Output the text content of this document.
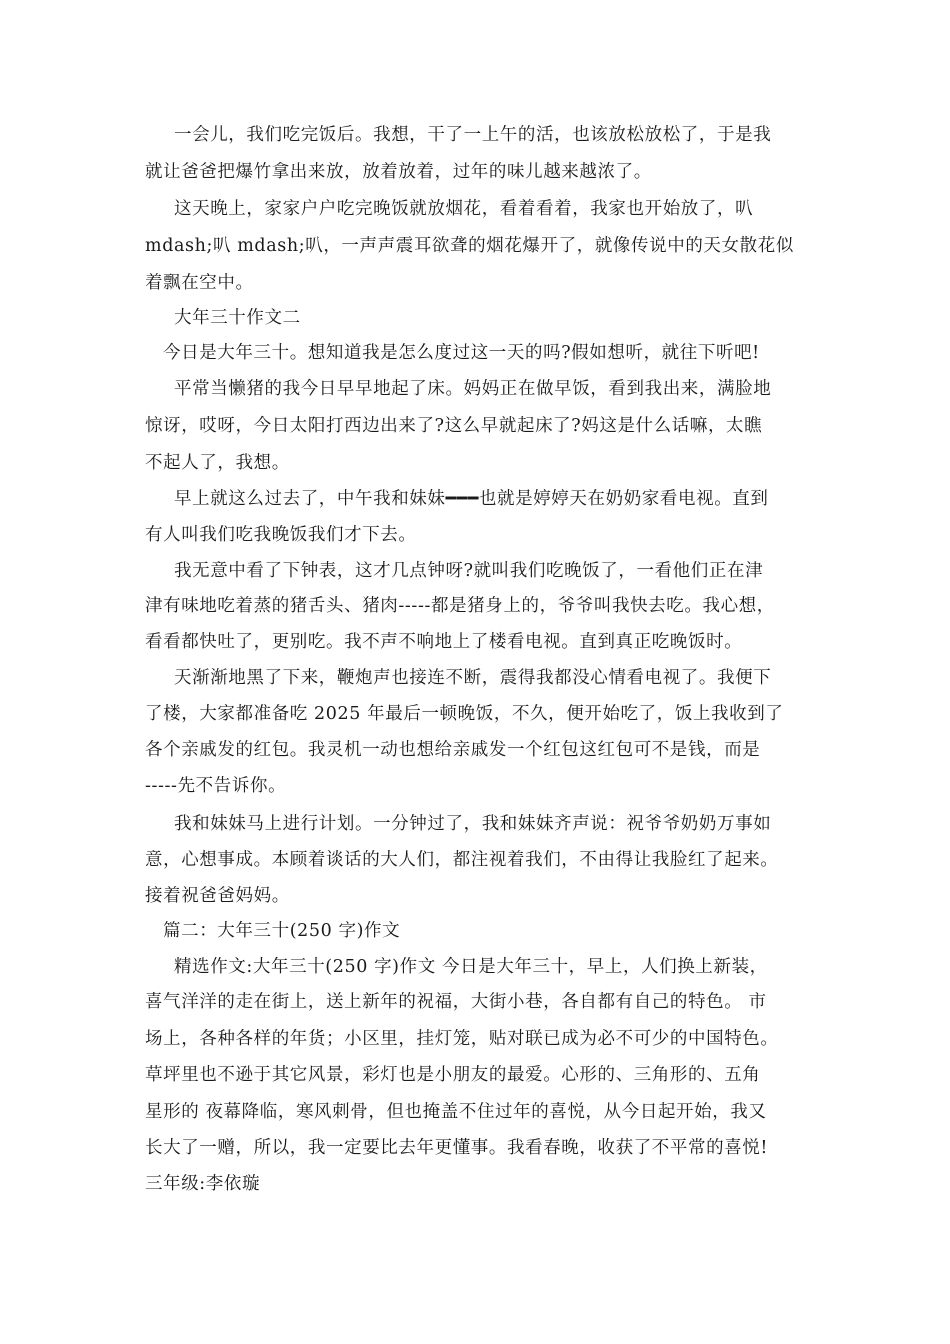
一会儿，我们吃完饭后。我想，干了一上午的活，也该放松放松了，于是我
就让爸爸把爆竹拿出来放，放着放着，过年的味儿越来越浓了。
这天晚上，家家户户吃完晚饭就放烟花，看着看着，我家也开始放了，叭
mdash;叭 mdash;叭，一声声震耳欲聋的烟花爆开了，就像传说中的天女散花似
着飘在空中。
大年三十作文二
今日是大年三十。想知道我是怎么度过这一天的吗?假如想听，就往下听吧!
平常当懒猪的我今日早早地起了床。妈妈正在做早饭，看到我出来，满脸地
惊讶，哎呀，今日太阳打西边出来了?这么早就起床了?妈这是什么话嘛，太瞧
不起人了，我想。
早上就这么过去了，中午我和妹妹━━━也就是婷婷天在奶奶家看电视。直到
有人叫我们吃我晚饭我们才下去。
我无意中看了下钟表，这才几点钟呀?就叫我们吃晚饭了，一看他们正在津
津有味地吃着蒸的猪舌头、猪肉-----都是猪身上的，爷爷叫我快去吃。我心想，
看看都快吐了，更别吃。我不声不响地上了楼看电视。直到真正吃晚饭时。
天渐渐地黑了下来，鞭炮声也接连不断，震得我都没心情看电视了。我便下
了楼，大家都准备吃 2025 年最后一顿晚饭，不久，便开始吃了，饭上我收到了
各个亲戚发的红包。我灵机一动也想给亲戚发一个红包这红包可不是钱，而是
-----先不告诉你。
我和妹妹马上进行计划。一分钟过了，我和妹妹齐声说：祝爷爷奶奶万事如
意，心想事成。本顾着谈话的大人们，都注视着我们，不由得让我脸红了起来。
接着祝爸爸妈妈。
篇二：大年三十(250 字)作文
精选作文:大年三十(250 字)作文 今日是大年三十，早上，人们换上新装，
喜气洋洋的走在街上，送上新年的祝福，大街小巷，各自都有自己的特色。 市
场上，各种各样的年货；小区里，挂灯笼，贴对联已成为必不可少的中国特色。
草坪里也不逊于其它风景，彩灯也是小朋友的最爱。心形的、三角形的、五角
星形的 夜幕降临，寒风刺骨，但也掩盖不住过年的喜悦，从今日起开始，我又
长大了一赠，所以，我一定要比去年更懂事。我看春晚，收获了不平常的喜悦!
三年级:李依璇
